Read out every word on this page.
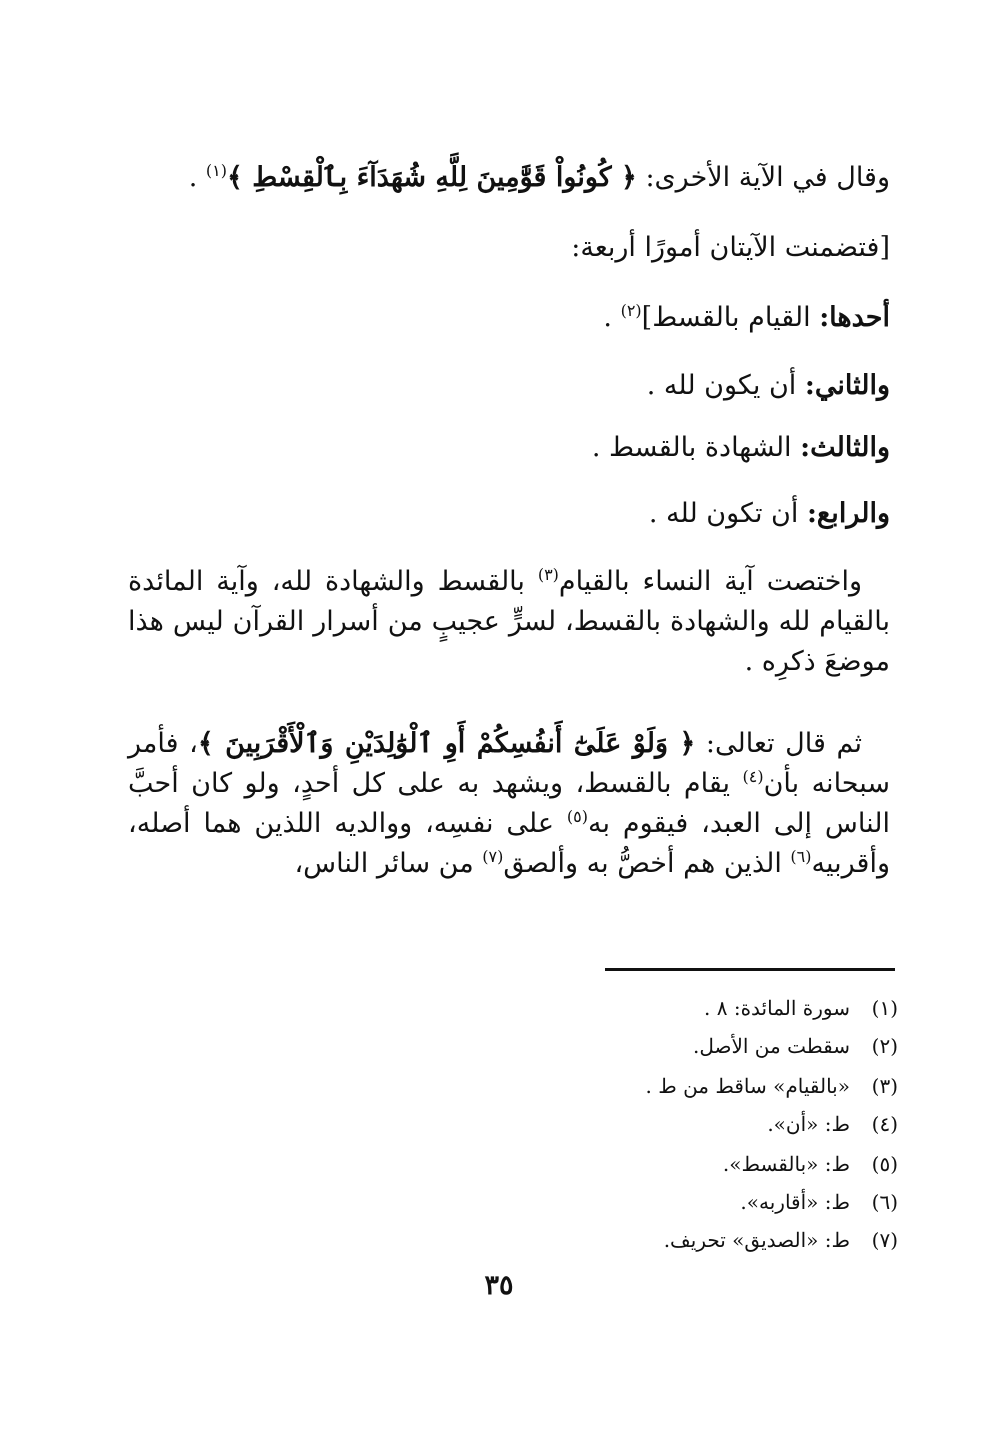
وقال في الآية الأخرى: ﴿ كُونُواْ قَوَّٰمِينَ لِلَّهِ شُهَدَآءَ بِٱلْقِسْطِ ﴾$^{(١)}$ .
[فتضمنت الآيتان أمورًا أربعة:
أحدها: القيام بالقسط]$^{(٢)}$ .
والثاني: أن يكون لله .
والثالث: الشهادة بالقسط .
والرابع: أن تكون لله .

واختصت آية النساء بالقيام$^{(٣)}$ بالقسط والشهادة لله، وآية المائدة بالقيام لله والشهادة بالقسط، لسرٍّ عجيبٍ من أسرار القرآن ليس هذا موضعَ ذكرِه .

ثم قال تعالى: ﴿ وَلَوْ عَلَىٰٓ أَنفُسِكُمْ أَوِ ٱلْوَٰلِدَيْنِ وَٱلْأَقْرَبِينَ ﴾، فأمر سبحانه بأن$^{(٤)}$ يقام بالقسط، ويشهد به على كل أحدٍ، ولو كان أحبَّ الناس إلى العبد، فيقوم به$^{(٥)}$ على نفسِه، ووالديه اللذين هما أصله، وأقربيه$^{(٦)}$ الذين هم أخصُّ به وألصق$^{(٧)}$ من سائر الناس،

(١)سورة المائدة: ٨ .
(٢)سقطت من الأصل.
(٣)«بالقيام» ساقط من ط .
(٤)ط: «أن».
(٥)ط: «بالقسط».
(٦)ط: «أقاربه».
(٧)ط: «الصديق» تحريف.
٣٥
